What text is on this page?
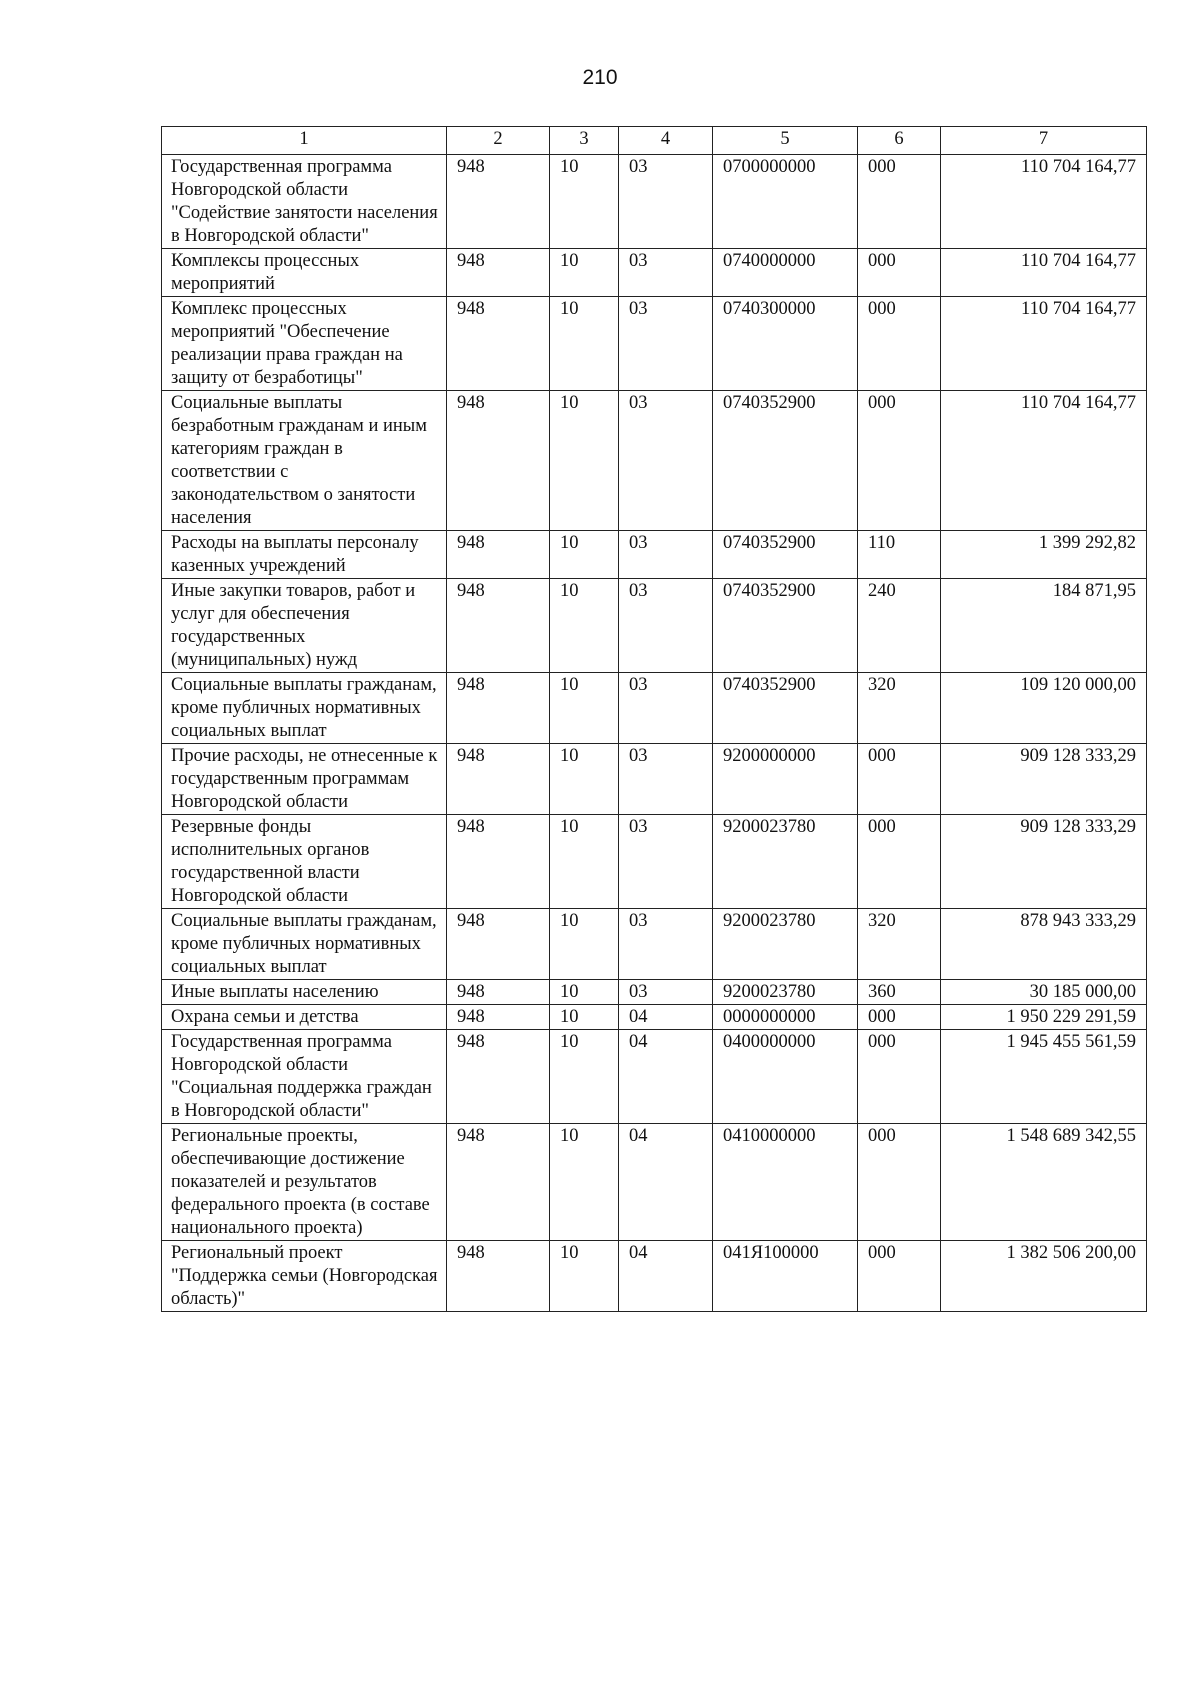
210
1	2	3	4	5	6	7
Государственная программа Новгородской области "Содействие занятости населения в Новгородской области"	948	10	03	0700000000	000	110 704 164,77
Комплексы процессных мероприятий	948	10	03	0740000000	000	110 704 164,77
Комплекс процессных мероприятий "Обеспечение реализации права граждан на защиту от безработицы"	948	10	03	0740300000	000	110 704 164,77
Социальные выплаты безработным гражданам и иным категориям граждан в соответствии с законодательством о занятости населения	948	10	03	0740352900	000	110 704 164,77
Расходы на выплаты персоналу казенных учреждений	948	10	03	0740352900	110	1 399 292,82
Иные закупки товаров, работ и услуг для обеспечения государственных (муниципальных) нужд	948	10	03	0740352900	240	184 871,95
Социальные выплаты гражданам, кроме публичных нормативных социальных выплат	948	10	03	0740352900	320	109 120 000,00
Прочие расходы, не отнесенные к государственным программам Новгородской области	948	10	03	9200000000	000	909 128 333,29
Резервные фонды исполнительных органов государственной власти Новгородской области	948	10	03	9200023780	000	909 128 333,29
Социальные выплаты гражданам, кроме публичных нормативных социальных выплат	948	10	03	9200023780	320	878 943 333,29
Иные выплаты населению	948	10	03	9200023780	360	30 185 000,00
Охрана семьи и детства	948	10	04	0000000000	000	1 950 229 291,59
Государственная программа Новгородской области "Социальная поддержка граждан в Новгородской области"	948	10	04	0400000000	000	1 945 455 561,59
Региональные проекты, обеспечивающие достижение показателей и результатов федерального проекта (в составе национального проекта)	948	10	04	0410000000	000	1 548 689 342,55
Региональный проект "Поддержка семьи (Новгородская область)"	948	10	04	041Я100000	000	1 382 506 200,00
